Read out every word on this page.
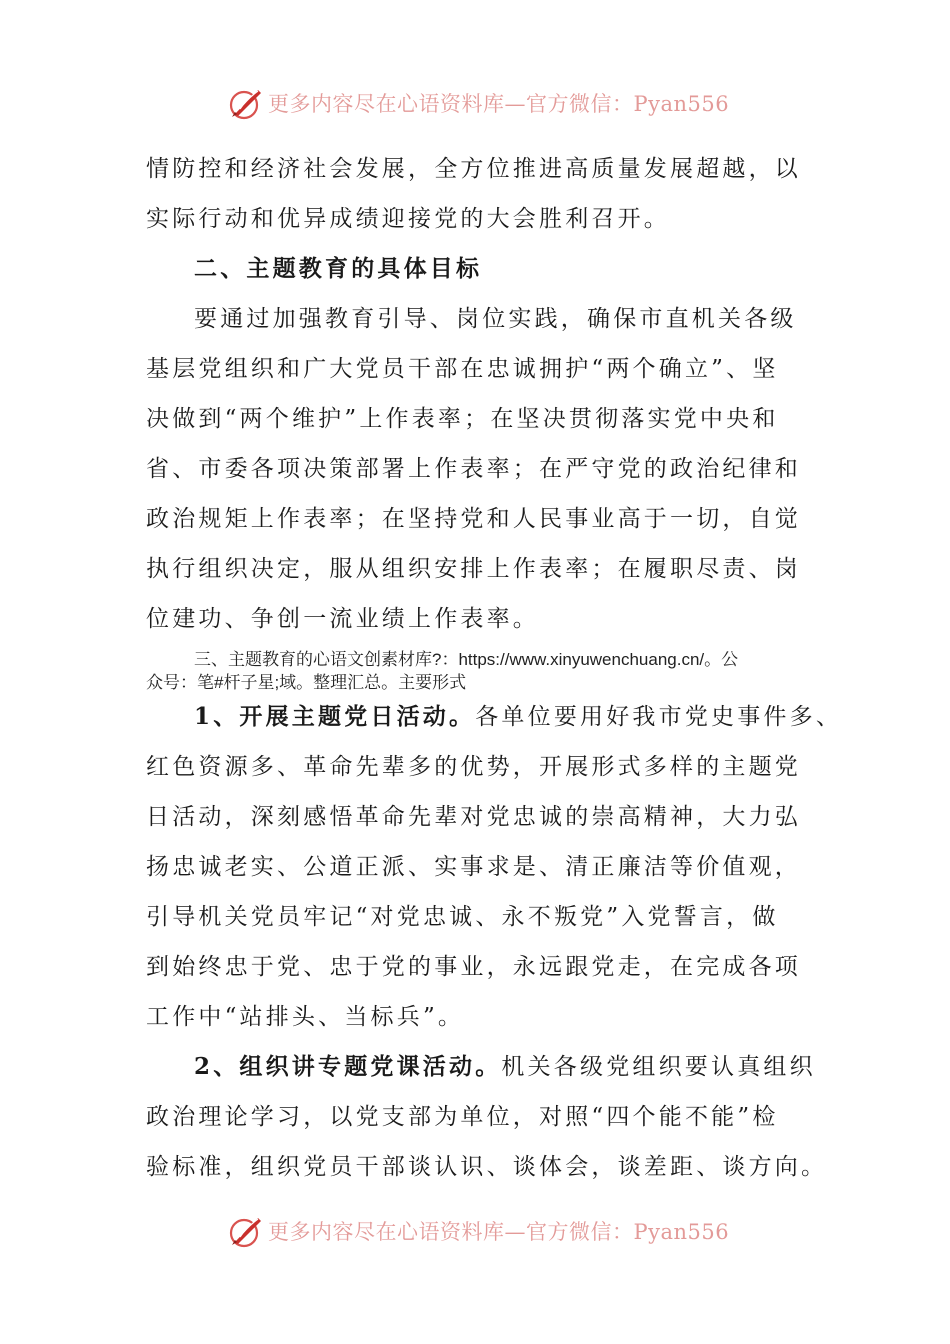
更多内容尽在心语资料库—官方微信：Pyan556
情防控和经济社会发展，全方位推进高质量发展超越，以
实际行动和优异成绩迎接党的大会胜利召开。
二、主题教育的具体目标
要通过加强教育引导、岗位实践，确保市直机关各级
基层党组织和广大党员干部在忠诚拥护“两个确立”、坚
决做到“两个维护”上作表率；在坚决贯彻落实党中央和
省、市委各项决策部署上作表率；在严守党的政治纪律和
政治规矩上作表率；在坚持党和人民事业高于一切，自觉
执行组织决定，服从组织安排上作表率；在履职尽责、岗
位建功、争创一流业绩上作表率。
三、主题教育的心语文创素材库?：https://www.xinyuwenchuang.cn/。公
众号：笔#杆子星;域。整理汇总。主要形式
1、开展主题党日活动。各单位要用好我市党史事件多、
红色资源多、革命先辈多的优势，开展形式多样的主题党
日活动，深刻感悟革命先辈对党忠诚的崇高精神，大力弘
扬忠诚老实、公道正派、实事求是、清正廉洁等价值观，
引导机关党员牢记“对党忠诚、永不叛党”入党誓言，做
到始终忠于党、忠于党的事业，永远跟党走，在完成各项
工作中“站排头、当标兵”。
2、组织讲专题党课活动。机关各级党组织要认真组织
政治理论学习，以党支部为单位，对照“四个能不能”检
验标准，组织党员干部谈认识、谈体会，谈差距、谈方向。
更多内容尽在心语资料库—官方微信：Pyan556
